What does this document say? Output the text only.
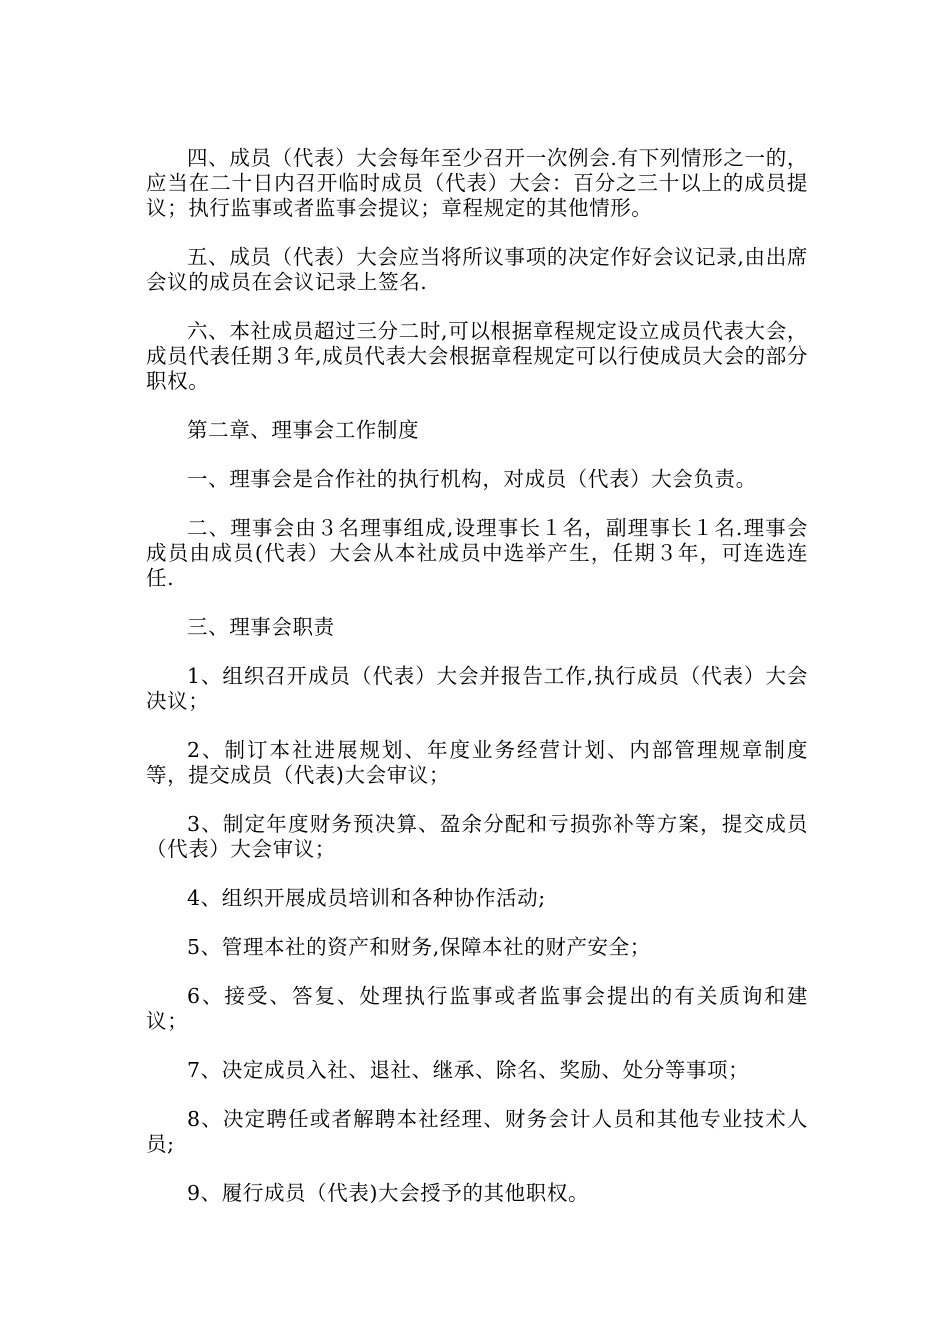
四、成员（代表）大会每年至少召开一次例会.有下列情形之一的，应当在二十日内召开临时成员（代表）大会：百分之三十以上的成员提议；执行监事或者监事会提议；章程规定的其他情形。

五、成员（代表）大会应当将所议事项的决定作好会议记录,由出席会议的成员在会议记录上签名.

六、本社成员超过三分二时,可以根据章程规定设立成员代表大会，成员代表任期３年,成员代表大会根据章程规定可以行使成员大会的部分职权。

第二章、理事会工作制度

一、理事会是合作社的执行机构，对成员（代表）大会负责。

二、理事会由３名理事组成,设理事长１名，副理事长１名.理事会成员由成员(代表）大会从本社成员中选举产生，任期３年，可连选连任.

三、理事会职责

1、组织召开成员（代表）大会并报告工作,执行成员（代表）大会决议；

2、制订本社进展规划、年度业务经营计划、内部管理规章制度等，提交成员（代表)大会审议；

3、制定年度财务预决算、盈余分配和亏损弥补等方案，提交成员（代表）大会审议；

4、组织开展成员培训和各种协作活动;

5、管理本社的资产和财务,保障本社的财产安全；

6、接受、答复、处理执行监事或者监事会提出的有关质询和建议；

7、决定成员入社、退社、继承、除名、奖励、处分等事项；

8、决定聘任或者解聘本社经理、财务会计人员和其他专业技术人员;

9、履行成员（代表)大会授予的其他职权。
